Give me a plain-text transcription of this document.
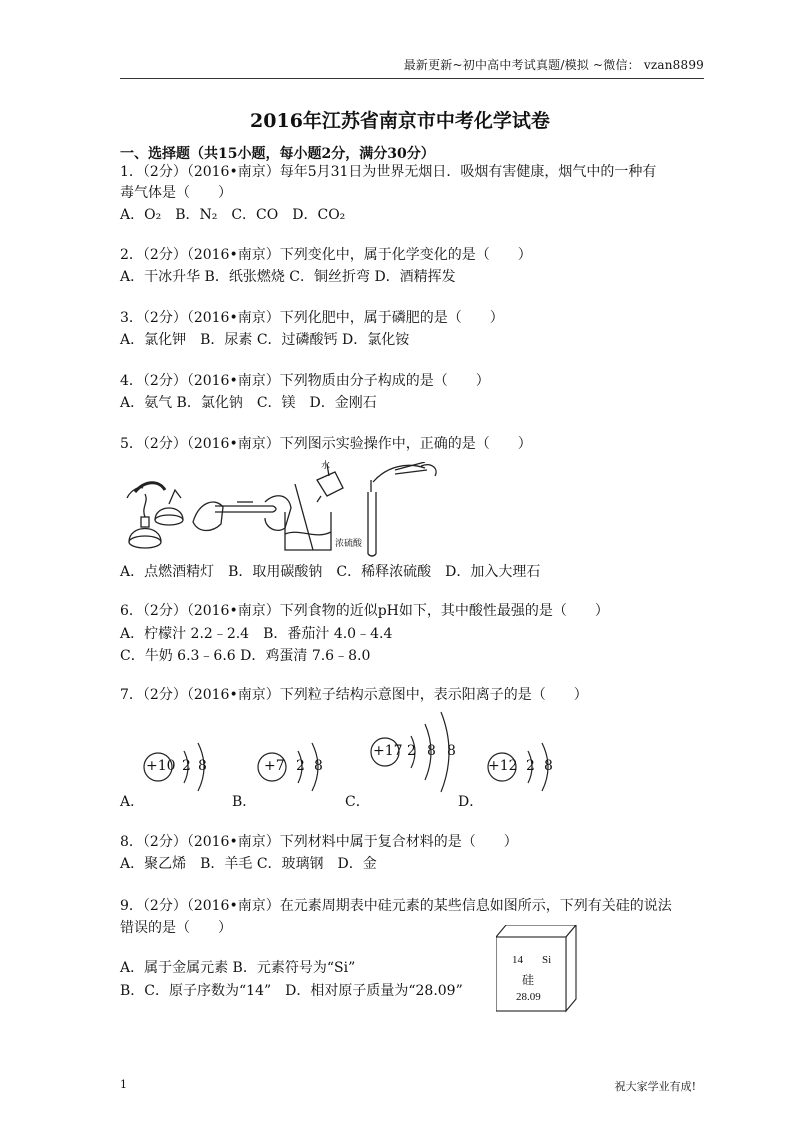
最新更新~初中高中考试真题/模拟 ~微信： vzan8899
2016年江苏省南京市中考化学试卷
一、选择题（共15小题，每小题2分，满分30分）
1．（2分）（2016•南京）每年5月31日为世界无烟日．吸烟有害健康，烟气中的一种有
毒气体是（　　）
A．O₂　B．N₂　C．CO　D．CO₂
2．（2分）（2016•南京）下列变化中，属于化学变化的是（　　）
A．干冰升华 B．纸张燃烧 C．铜丝折弯 D．酒精挥发
3．（2分）（2016•南京）下列化肥中，属于磷肥的是（　　）
A．氯化钾　B．尿素 C．过磷酸钙 D．氯化铵
4．（2分）（2016•南京）下列物质由分子构成的是（　　）
A．氨气 B．氯化钠　C．镁　D．金刚石
5．（2分）（2016•南京）下列图示实验操作中，正确的是（　　）
水
浓硫酸
A．点燃酒精灯　B．取用碳酸钠　C．稀释浓硫酸　D．加入大理石
6．（2分）（2016•南京）下列食物的近似pH如下，其中酸性最强的是（　　）
A．柠檬汁 2.2﹣2.4　B．番茄汁 4.0﹣4.4
C．牛奶 6.3﹣6.6 D．鸡蛋清 7.6﹣8.0
7．（2分）（2016•南京）下列粒子结构示意图中，表示阳离子的是（　　）
+10 2 8
A．
+7 2 8
B．
+17 2 8 8
C．
+12 2 8
D．
8．（2分）（2016•南京）下列材料中属于复合材料的是（　　）
A．聚乙烯　B．羊毛 C．玻璃钢　D．金
9．（2分）（2016•南京）在元素周期表中硅元素的某些信息如图所示，下列有关硅的说法
错误的是（　　）
A．属于金属元素 B．元素符号为“Si”
B．C．原子序数为“14”　D．相对原子质量为“28.09”
14 Si
硅
28.09
1	祝大家学业有成!
